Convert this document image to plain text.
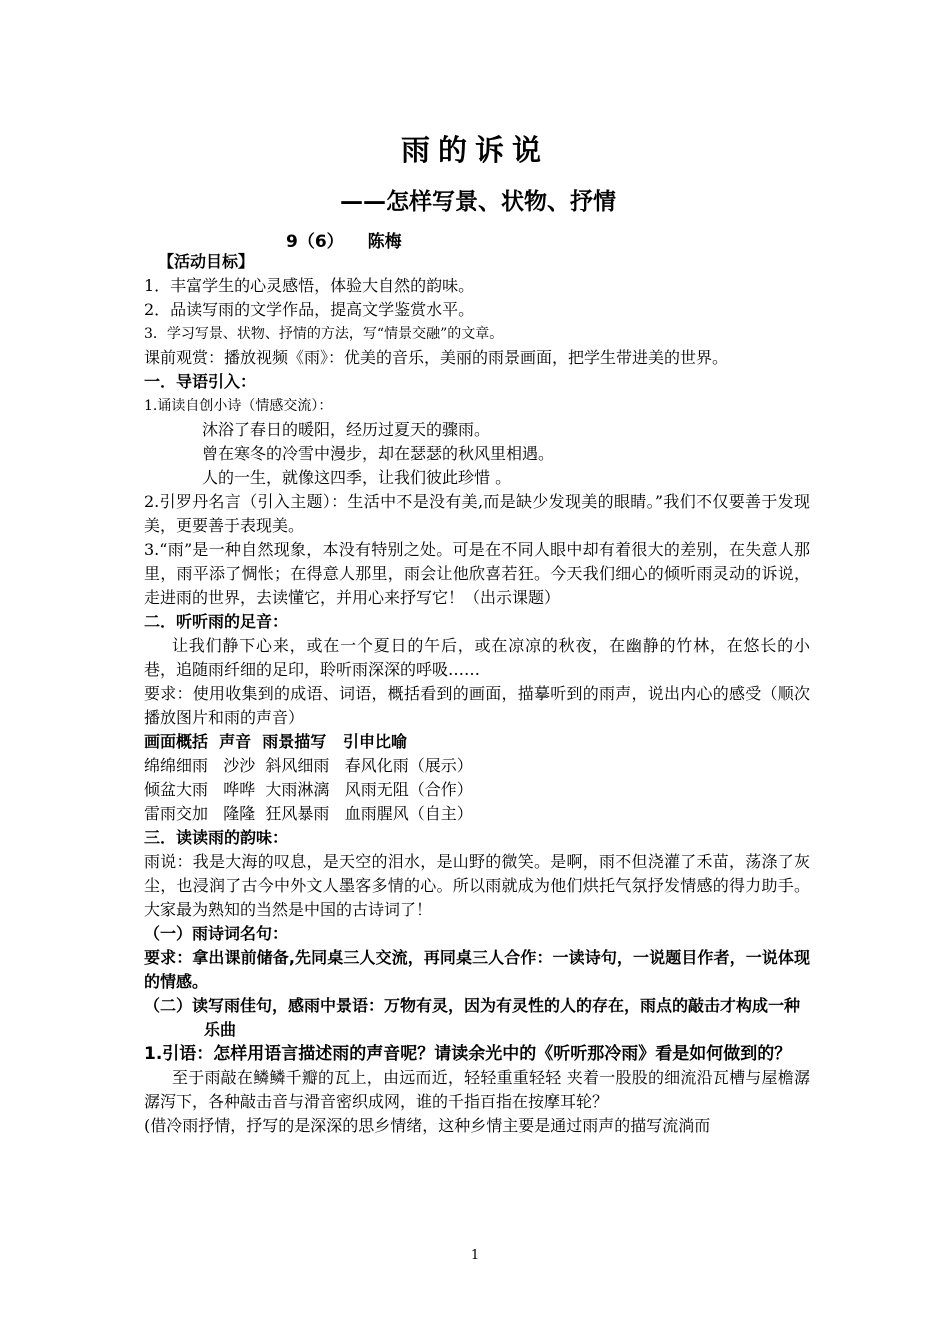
雨的诉说
——怎样写景、状物、抒情
9（6） 陈梅

【活动目标】

1．丰富学生的心灵感悟，体验大自然的韵味。

2．品读写雨的文学作品，提高文学鉴赏水平。

3．学习写景、状物、抒情的方法，写“情景交融”的文章。

课前观赏：播放视频《雨》：优美的音乐，美丽的雨景画面，把学生带进美的世界。

一．导语引入：

1.诵读自创小诗（情感交流）：

沐浴了春日的暖阳，经历过夏天的骤雨。

曾在寒冬的冷雪中漫步，却在瑟瑟的秋风里相遇。

人的一生，就像这四季，让我们彼此珍惜 。

2.引罗丹名言（引入主题）：生活中不是没有美,而是缺少发现美的眼睛。”我们不仅要善于发现美，更要善于表现美。

3.“雨”是一种自然现象，本没有特别之处。可是在不同人眼中却有着很大的差别，在失意人那里，雨平添了惆怅；在得意人那里，雨会让他欣喜若狂。今天我们细心的倾听雨灵动的诉说，走进雨的世界，去读懂它，并用心来抒写它！（出示课题）

二．听听雨的足音：

让我们静下心来，或在一个夏日的午后，或在凉凉的秋夜，在幽静的竹林，在悠长的小巷，追随雨纤细的足印，聆听雨深深的呼吸……

要求：使用收集到的成语、词语，概括看到的画面，描摹听到的雨声，说出内心的感受（顺次播放图片和雨的声音）

画面概括  声音  雨景描写   引申比喻

绵绵细雨   沙沙  斜风细雨   春风化雨（展示）

倾盆大雨   哗哗  大雨淋漓   风雨无阻（合作）

雷雨交加   隆隆  狂风暴雨   血雨腥风（自主）

三．读读雨的韵味：

雨说：我是大海的叹息，是天空的泪水，是山野的微笑。是啊，雨不但浇灌了禾苗，荡涤了灰尘，也浸润了古今中外文人墨客多情的心。所以雨就成为他们烘托气氛抒发情感的得力助手。大家最为熟知的当然是中国的古诗词了！

（一）雨诗词名句：

要求：拿出课前储备,先同桌三人交流，再同桌三人合作：一读诗句，一说题目作者，一说体现的情感。

（二）读写雨佳句，感雨中景语：万物有灵，因为有灵性的人的存在，雨点的敲击才构成一种乐曲

1.引语：怎样用语言描述雨的声音呢？请读余光中的《听听那冷雨》看是如何做到的？

至于雨敲在鳞鳞千瓣的瓦上，由远而近，轻轻重重轻轻 夹着一股股的细流沿瓦槽与屋檐潺潺泻下，各种敲击音与滑音密织成网，谁的千指百指在按摩耳轮？

(借冷雨抒情，抒写的是深深的思乡情绪，这种乡情主要是通过雨声的描写流淌而

1
